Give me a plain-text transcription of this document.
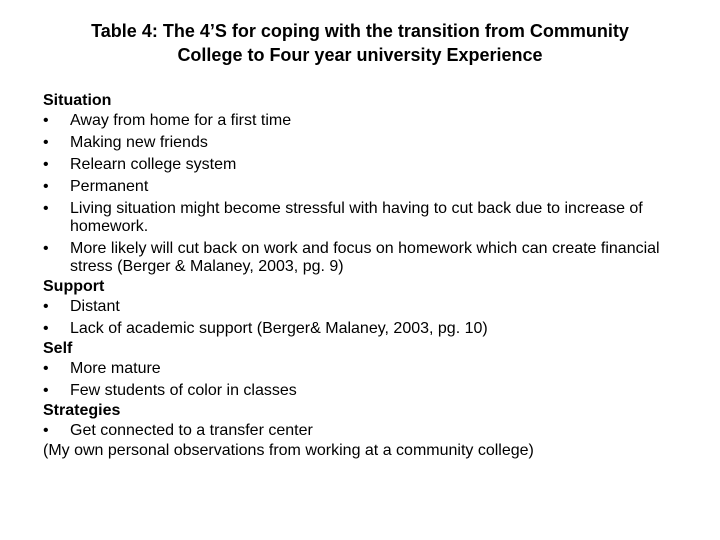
Table 4: The 4’S for coping with the transition from Community
College to Four year university Experience
Situation
• Away from home for a first time
• Making new friends
• Relearn college system
• Permanent
• Living situation might become stressful with having to cut back due to increase of homework.
• More likely will cut back on work and focus on homework which can create financial stress (Berger & Malaney, 2003, pg. 9)
Support
• Distant
• Lack of academic support (Berger& Malaney, 2003, pg. 10)
Self
• More mature
• Few students of color in classes
Strategies
• Get connected to a transfer center
(My own personal observations from working at a community college)
